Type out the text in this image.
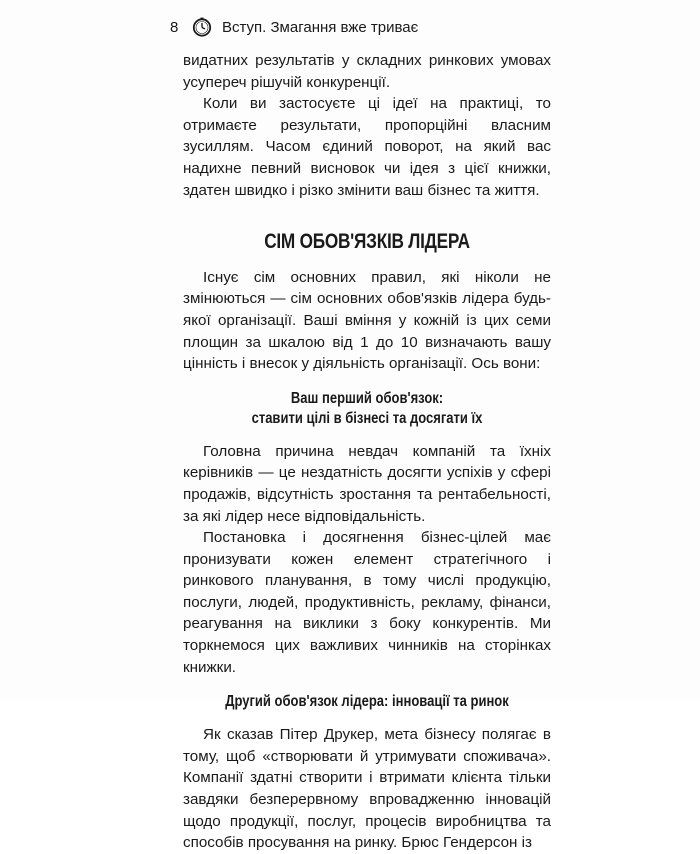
8	Вступ. Змагання вже триває

видатних результатів у складних ринкових умовах усупереч рішучій конкуренції.

Коли ви застосуєте ці ідеї на практиці, то отримаєте результати, пропорційні власним зусиллям. Часом єдиний поворот, на який вас надихне певний висновок чи ідея з цієї книжки, здатен швидко і різко змінити ваш бізнес та життя.

СІМ ОБОВ'ЯЗКІВ ЛІДЕРА

Існує сім основних правил, які ніколи не змінюються — сім основних обов'язків лідера будь-якої організації. Ваші вміння у кожній із цих семи площин за шкалою від 1 до 10 визначають вашу цінність і внесок у діяльність організації. Ось вони:

Ваш перший обов'язок:
ставити цілі в бізнесі та досягати їх

Головна причина невдач компаній та їхніх керівників — це нездатність досягти успіхів у сфері продажів, відсутність зростання та рентабельності, за які лідер несе відповідальність.

Постановка і досягнення бізнес-цілей має пронизувати кожен елемент стратегічного і ринкового планування, в тому числі продукцію, послуги, людей, продуктивність, рекламу, фінанси, реагування на виклики з боку конкурентів. Ми торкнемося цих важливих чинників на сторінках книжки.

Другий обов'язок лідера: інновації та ринок

Як сказав Пітер Друкер, мета бізнесу полягає в тому, щоб «створювати й утримувати споживача». Компанії здатні створити і втримати клієнта тільки завдяки безперервному впровадженню інновацій щодо продукції, послуг, процесів виробництва та способів просування на ринку. Брюс Гендерсон із
